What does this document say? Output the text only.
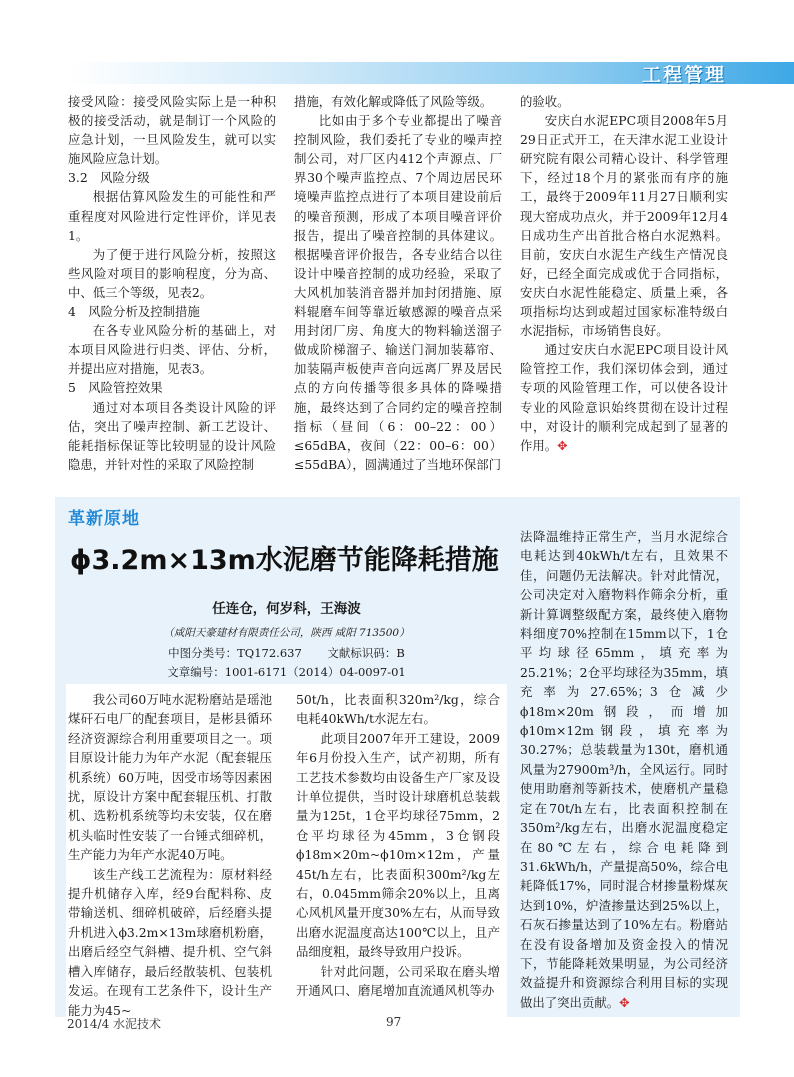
工程管理

接受风险：接受风险实际上是一种积极的接受活动，就是制订一个风险的应急计划，一旦风险发生，就可以实施风险应急计划。

3.2　风险分级

根据估算风险发生的可能性和严重程度对风险进行定性评价，详见表1。

为了便于进行风险分析，按照这些风险对项目的影响程度，分为高、中、低三个等级，见表2。

4　风险分析及控制措施

在各专业风险分析的基础上，对本项目风险进行归类、评估、分析，并提出应对措施，见表3。

5　风险管控效果

通过对本项目各类设计风险的评估，突出了噪声控制、新工艺设计、能耗指标保证等比较明显的设计风险隐患，并针对性的采取了风险控制

措施，有效化解或降低了风险等级。

比如由于多个专业都提出了噪音控制风险，我们委托了专业的噪声控制公司，对厂区内412个声源点、厂界30个噪声监控点、7个周边居民环境噪声监控点进行了本项目建设前后的噪音预测，形成了本项目噪音评价报告，提出了噪音控制的具体建议。根据噪音评价报告，各专业结合以往设计中噪音控制的成功经验，采取了大风机加装消音器并加封闭措施、原料辊磨车间等靠近敏感源的噪音点采用封闭厂房、角度大的物料输送溜子做成阶梯溜子、输送门洞加装幕帘、加装隔声板使声音向远离厂界及居民点的方向传播等很多具体的降噪措施，最终达到了合同约定的噪音控制指标（昼间（6：00–22：00）≤65dBA，夜间（22：00–6：00）≤55dBA），圆满通过了当地环保部门

的验收。

安庆白水泥EPC项目2008年5月29日正式开工，在天津水泥工业设计研究院有限公司精心设计、科学管理下，经过18个月的紧张而有序的施工，最终于2009年11月27日顺利实现大窑成功点火，并于2009年12月4日成功生产出首批合格白水泥熟料。目前，安庆白水泥生产线生产情况良好，已经全面完成或优于合同指标，安庆白水泥性能稳定、质量上乘，各项指标均达到或超过国家标准特级白水泥指标，市场销售良好。

通过安庆白水泥EPC项目设计风险管控工作，我们深切体会到，通过专项的风险管理工作，可以使各设计专业的风险意识始终贯彻在设计过程中，对设计的顺利完成起到了显著的作用。✥

革新原地
ϕ3.2m×13m水泥磨节能降耗措施
任连仓，何岁科，王海波
（咸阳天豪建材有限责任公司，陕西 咸阳 713500）
中图分类号：TQ172.637 文献标识码：B
文章编号：1001-6171（2014）04-0097-01

我公司60万吨水泥粉磨站是瑶池煤矸石电厂的配套项目，是彬县循环经济资源综合利用重要项目之一。项目原设计能力为年产水泥（配套辊压机系统）60万吨，因受市场等因素困扰，原设计方案中配套辊压机、打散机、选粉机系统等均未安装，仅在磨机头临时性安装了一台锤式细碎机，生产能力为年产水泥40万吨。

该生产线工艺流程为：原材料经提升机储存入库，经9台配料称、皮带输送机、细碎机破碎，后经磨头提升机进入ϕ3.2m×13m球磨机粉磨，出磨后经空气斜槽、提升机、空气斜槽入库储存，最后经散装机、包装机发运。在现有工艺条件下，设计生产能力为45~

50t/h，比表面积320m²/kg，综合电耗40kWh/t水泥左右。

此项目2007年开工建设，2009年6月份投入生产，试产初期，所有工艺技术参数均由设备生产厂家及设计单位提供，当时设计球磨机总装载量为125t，1仓平均球径75mm，2仓平均球径为45mm，3仓钢段ϕ18m×20m~ϕ10m×12m，产量45t/h左右，比表面积300m²/kg左右，0.045mm筛余20%以上，且离心风机风量开度30%左右，从而导致出磨水泥温度高达100℃以上，且产品细度粗，最终导致用户投诉。

针对此问题，公司采取在磨头增开通风口、磨尾增加直流通风机等办

法降温维持正常生产，当月水泥综合电耗达到40kWh/t左右，且效果不佳，问题仍无法解决。针对此情况，公司决定对入磨物料作筛余分析，重新计算调整级配方案，最终使入磨物料细度70%控制在15mm以下，1仓平均球径65mm，填充率为25.21%；2仓平均球径为35mm，填充率为27.65%；3仓减少ϕ18m×20m钢段，而增加ϕ10m×12m钢段，填充率为30.27%；总装载量为130t，磨机通风量为27900m³/h，全风运行。同时使用助磨剂等新技术，使磨机产量稳定在70t/h左右，比表面积控制在350m²/kg左右，出磨水泥温度稳定在80℃左右，综合电耗降到31.6kWh/h，产量提高50%，综合电耗降低17%，同时混合材掺量粉煤灰达到10%，炉渣掺量达到25%以上，石灰石掺量达到了10%左右。粉磨站在没有设备增加及资金投入的情况下，节能降耗效果明显，为公司经济效益提升和资源综合利用目标的实现做出了突出贡献。✥

2014/4 水泥技术	97
